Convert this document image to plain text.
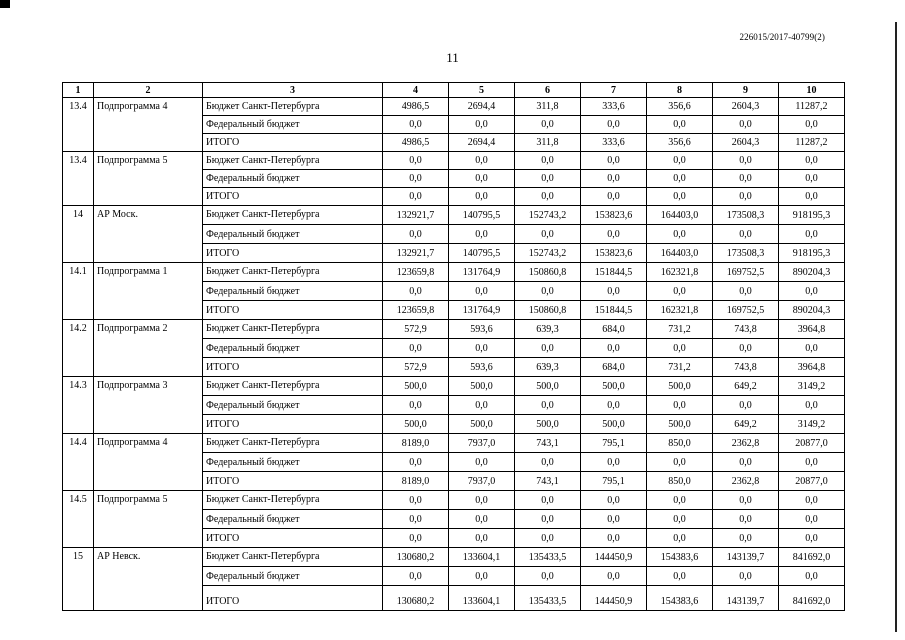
226015/2017-40799(2)
11
1	2	3	4	5	6	7	8	9	10
13.4	Подпрограмма 4	Бюджет Санкт-Петербурга	4986,5	2694,4	311,8	333,6	356,6	2604,3	11287,2
		Федеральный бюджет	0,0	0,0	0,0	0,0	0,0	0,0	0,0
		ИТОГО	4986,5	2694,4	311,8	333,6	356,6	2604,3	11287,2
13.4	Подпрограмма 5	Бюджет Санкт-Петербурга	0,0	0,0	0,0	0,0	0,0	0,0	0,0
		Федеральный бюджет	0,0	0,0	0,0	0,0	0,0	0,0	0,0
		ИТОГО	0,0	0,0	0,0	0,0	0,0	0,0	0,0
14	АР Моск.	Бюджет Санкт-Петербурга	132921,7	140795,5	152743,2	153823,6	164403,0	173508,3	918195,3
		Федеральный бюджет	0,0	0,0	0,0	0,0	0,0	0,0	0,0
		ИТОГО	132921,7	140795,5	152743,2	153823,6	164403,0	173508,3	918195,3
14.1	Подпрограмма 1	Бюджет Санкт-Петербурга	123659,8	131764,9	150860,8	151844,5	162321,8	169752,5	890204,3
		Федеральный бюджет	0,0	0,0	0,0	0,0	0,0	0,0	0,0
		ИТОГО	123659,8	131764,9	150860,8	151844,5	162321,8	169752,5	890204,3
14.2	Подпрограмма 2	Бюджет Санкт-Петербурга	572,9	593,6	639,3	684,0	731,2	743,8	3964,8
		Федеральный бюджет	0,0	0,0	0,0	0,0	0,0	0,0	0,0
		ИТОГО	572,9	593,6	639,3	684,0	731,2	743,8	3964,8
14.3	Подпрограмма 3	Бюджет Санкт-Петербурга	500,0	500,0	500,0	500,0	500,0	649,2	3149,2
		Федеральный бюджет	0,0	0,0	0,0	0,0	0,0	0,0	0,0
		ИТОГО	500,0	500,0	500,0	500,0	500,0	649,2	3149,2
14.4	Подпрограмма 4	Бюджет Санкт-Петербурга	8189,0	7937,0	743,1	795,1	850,0	2362,8	20877,0
		Федеральный бюджет	0,0	0,0	0,0	0,0	0,0	0,0	0,0
		ИТОГО	8189,0	7937,0	743,1	795,1	850,0	2362,8	20877,0
14.5	Подпрограмма 5	Бюджет Санкт-Петербурга	0,0	0,0	0,0	0,0	0,0	0,0	0,0
		Федеральный бюджет	0,0	0,0	0,0	0,0	0,0	0,0	0,0
		ИТОГО	0,0	0,0	0,0	0,0	0,0	0,0	0,0
15	АР Невск.	Бюджет Санкт-Петербурга	130680,2	133604,1	135433,5	144450,9	154383,6	143139,7	841692,0
		Федеральный бюджет	0,0	0,0	0,0	0,0	0,0	0,0	0,0
		ИТОГО	130680,2	133604,1	135433,5	144450,9	154383,6	143139,7	841692,0
